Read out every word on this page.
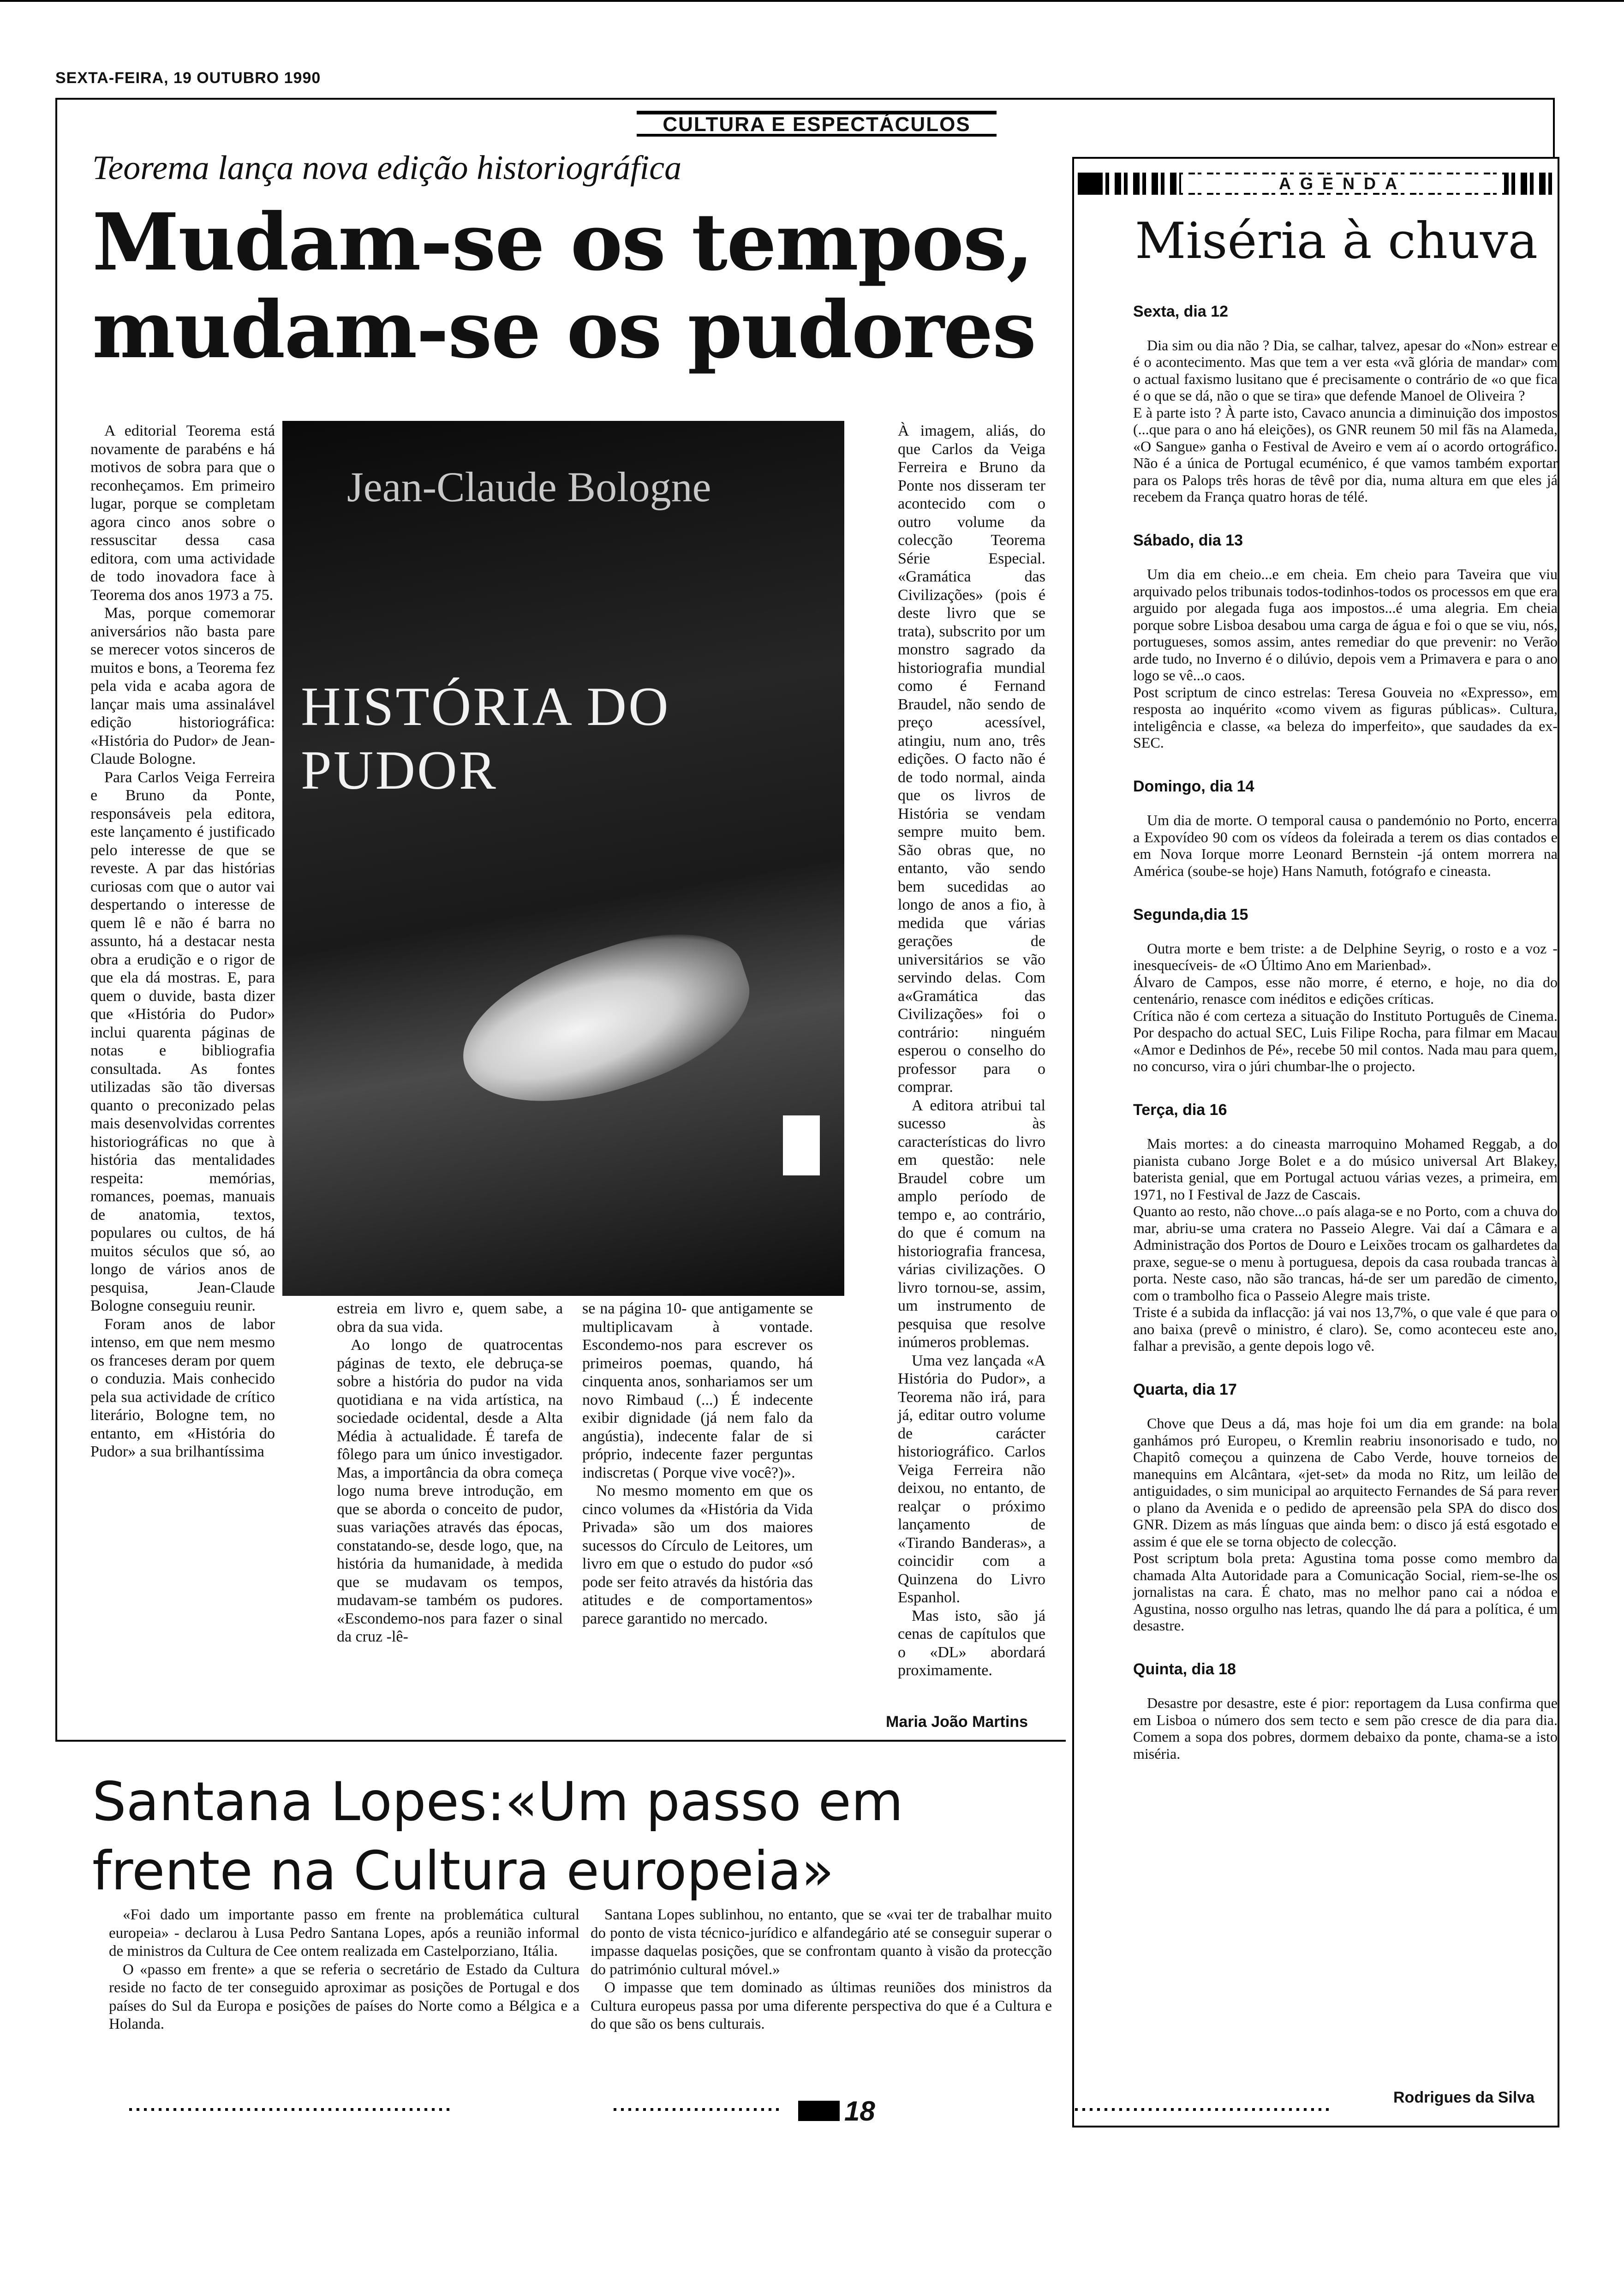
SEXTA-FEIRA, 19 OUTUBRO 1990
CULTURA E ESPECTÁCULOS
Teorema lança nova edição historiográfica
Mudam-se os tempos, mudam-se os pudores

A editorial Teorema está novamente de parabéns e há motivos de sobra para que o reconheçamos. Em primeiro lugar, porque se completam agora cinco anos sobre o ressuscitar dessa casa editora, com uma actividade de todo inovadora face à Teorema dos anos 1973 a 75.

Mas, porque comemorar aniversários não basta pare se merecer votos sinceros de muitos e bons, a Teorema fez pela vida e acaba agora de lançar mais uma assinalável edição historiográfica: «História do Pudor» de Jean-Claude Bologne.

Para Carlos Veiga Ferreira e Bruno da Ponte, responsáveis pela editora, este lançamento é justificado pelo interesse de que se reveste. A par das histórias curiosas com que o autor vai despertando o interesse de quem lê e não é barra no assunto, há a destacar nesta obra a erudição e o rigor de que ela dá mostras. E, para quem o duvide, basta dizer que «História do Pudor» inclui quarenta páginas de notas e bibliografia consultada. As fontes utilizadas são tão diversas quanto o preconizado pelas mais desenvolvidas correntes historiográficas no que à história das mentalidades respeita: memórias, romances, poemas, manuais de anatomia, textos, populares ou cultos, de há muitos séculos que só, ao longo de vários anos de pesquisa, Jean-Claude Bologne conseguiu reunir.

Foram anos de labor intenso, em que nem mesmo os franceses deram por quem o conduzia. Mais conhecido pela sua actividade de crítico literário, Bologne tem, no entanto, em «História do Pudor» a sua brilhantíssima

Jean-Claude Bologne
HISTÓRIA DO PUDOR

estreia em livro e, quem sabe, a obra da sua vida.

Ao longo de quatrocentas páginas de texto, ele debruça-se sobre a história do pudor na vida quotidiana e na vida artística, na sociedade ocidental, desde a Alta Média à actualidade. É tarefa de fôlego para um único investigador. Mas, a importância da obra começa logo numa breve introdução, em que se aborda o conceito de pudor, suas variações através das épocas, constatando-se, desde logo, que, na história da humanidade, à medida que se mudavam os tempos, mudavam-se também os pudores. «Escondemo-nos para fazer o sinal da cruz -lê-

se na página 10- que antigamente se multiplicavam à vontade. Escondemo-nos para escrever os primeiros poemas, quando, há cinquenta anos, sonhariamos ser um novo Rimbaud (...) É indecente exibir dignidade (já nem falo da angústia), indecente falar de si próprio, indecente fazer perguntas indiscretas ( Porque vive você?)».

No mesmo momento em que os cinco volumes da «História da Vida Privada» são um dos maiores sucessos do Círculo de Leitores, um livro em que o estudo do pudor «só pode ser feito através da história das atitudes e de comportamentos» parece garantido no mercado.

À imagem, aliás, do que Carlos da Veiga Ferreira e Bruno da Ponte nos disseram ter acontecido com o outro volume da colecção Teorema Série Especial. «Gramática das Civilizações» (pois é deste livro que se trata), subscrito por um monstro sagrado da historiografia mundial como é Fernand Braudel, não sendo de preço acessível, atingiu, num ano, três edições. O facto não é de todo normal, ainda que os livros de História se vendam sempre muito bem. São obras que, no entanto, vão sendo bem sucedidas ao longo de anos a fio, à medida que várias gerações de universitários se vão servindo delas. Com a«Gramática das Civilizações» foi o contrário: ninguém esperou o conselho do professor para o comprar.

A editora atribui tal sucesso às características do livro em questão: nele Braudel cobre um amplo período de tempo e, ao contrário, do que é comum na historiografia francesa, várias civilizações. O livro tornou-se, assim, um instrumento de pesquisa que resolve inúmeros problemas.

Uma vez lançada «A História do Pudor», a Teorema não irá, para já, editar outro volume de carácter historiográfico. Carlos Veiga Ferreira não deixou, no entanto, de realçar o próximo lançamento de «Tirando Banderas», a coincidir com a Quinzena do Livro Espanhol.

Mas isto, são já cenas de capítulos que o «DL» abordará proximamente.

Maria João Martins
Santana Lopes:«Um passo em frente na Cultura europeia»

«Foi dado um importante passo em frente na problemática cultural europeia» - declarou à Lusa Pedro Santana Lopes, após a reunião informal de ministros da Cultura de Cee ontem realizada em Castelporziano, Itália.

O «passo em frente» a que se referia o secretário de Estado da Cultura reside no facto de ter conseguido aproximar as posições de Portugal e dos países do Sul da Europa e posições de países do Norte como a Bélgica e a Holanda.

Santana Lopes sublinhou, no entanto, que se «vai ter de trabalhar muito do ponto de vista técnico-jurídico e alfandegário até se conseguir superar o impasse daquelas posições, que se confrontam quanto à visão da protecção do património cultural móvel.»

O impasse que tem dominado as últimas reuniões dos ministros da Cultura europeus passa por uma diferente perspectiva do que é a Cultura e do que são os bens culturais.

AGENDA
Miséria à chuva

Sexta, dia 12

Dia sim ou dia não ? Dia, se calhar, talvez, apesar do «Non» estrear e é o acontecimento. Mas que tem a ver esta «vã glória de mandar» com o actual faxismo lusitano que é precisamente o contrário de «o que fica é o que se dá, não o que se tira» que defende Manoel de Oliveira ?
E à parte isto ? À parte isto, Cavaco anuncia a diminuição dos impostos (...que para o ano há eleições), os GNR reunem 50 mil fãs na Alameda, «O Sangue» ganha o Festival de Aveiro e vem aí o acordo ortográfico. Não é a única de Portugal ecuménico, é que vamos também exportar para os Palops três horas de têvê por dia, numa altura em que eles já recebem da França quatro horas de télé.

Sábado, dia 13

Um dia em cheio...e em cheia. Em cheio para Taveira que viu arquivado pelos tribunais todos-todinhos-todos os processos em que era arguido por alegada fuga aos impostos...é uma alegria. Em cheia porque sobre Lisboa desabou uma carga de água e foi o que se viu, nós, portugueses, somos assim, antes remediar do que prevenir: no Verão arde tudo, no Inverno é o dilúvio, depois vem a Primavera e para o ano logo se vê...o caos.
Post scriptum de cinco estrelas: Teresa Gouveia no «Expresso», em resposta ao inquérito «como vivem as figuras públicas». Cultura, inteligência e classe, «a beleza do imperfeito», que saudades da ex-SEC.

Domingo, dia 14

Um dia de morte. O temporal causa o pandemónio no Porto, encerra a Expovídeo 90 com os vídeos da foleirada a terem os dias contados e em Nova Iorque morre Leonard Bernstein -já ontem morrera na América (soube-se hoje) Hans Namuth, fotógrafo e cineasta.

Segunda,dia 15

Outra morte e bem triste: a de Delphine Seyrig, o rosto e a voz -inesquecíveis- de «O Último Ano em Marienbad».
Álvaro de Campos, esse não morre, é eterno, e hoje, no dia do centenário, renasce com inéditos e edições críticas.
Crítica não é com certeza a situação do Instituto Português de Cinema. Por despacho do actual SEC, Luis Filipe Rocha, para filmar em Macau «Amor e Dedinhos de Pé», recebe 50 mil contos. Nada mau para quem, no concurso, vira o júri chumbar-lhe o projecto.

Terça, dia 16

Mais mortes: a do cineasta marroquino Mohamed Reggab, a do pianista cubano Jorge Bolet e a do músico universal Art Blakey, baterista genial, que em Portugal actuou várias vezes, a primeira, em 1971, no I Festival de Jazz de Cascais.
Quanto ao resto, não chove...o país alaga-se e no Porto, com a chuva do mar, abriu-se uma cratera no Passeio Alegre. Vai daí a Câmara e a Administração dos Portos de Douro e Leixões trocam os galhardetes da praxe, segue-se o menu à portuguesa, depois da casa roubada trancas à porta. Neste caso, não são trancas, há-de ser um paredão de cimento, com o trambolho fica o Passeio Alegre mais triste.
Triste é a subida da inflacção: já vai nos 13,7%, o que vale é que para o ano baixa (prevê o ministro, é claro). Se, como aconteceu este ano, falhar a previsão, a gente depois logo vê.

Quarta, dia 17

Chove que Deus a dá, mas hoje foi um dia em grande: na bola ganhámos pró Europeu, o Kremlin reabriu insonorisado e tudo, no Chapitô começou a quinzena de Cabo Verde, houve torneios de manequins em Alcântara, «jet-set» da moda no Ritz, um leilão de antiguidades, o sim municipal ao arquitecto Fernandes de Sá para rever o plano da Avenida e o pedido de apreensão pela SPA do disco dos GNR. Dizem as más línguas que ainda bem: o disco já está esgotado e assim é que ele se torna objecto de colecção.
Post scriptum bola preta: Agustina toma posse como membro da chamada Alta Autoridade para a Comunicação Social, riem-se-lhe os jornalistas na cara. É chato, mas no melhor pano cai a nódoa e Agustina, nosso orgulho nas letras, quando lhe dá para a política, é um desastre.

Quinta, dia 18

Desastre por desastre, este é pior: reportagem da Lusa confirma que em Lisboa o número dos sem tecto e sem pão cresce de dia para dia. Comem a sopa dos pobres, dormem debaixo da ponte, chama-se a isto miséria.

Rodrigues da Silva
18
